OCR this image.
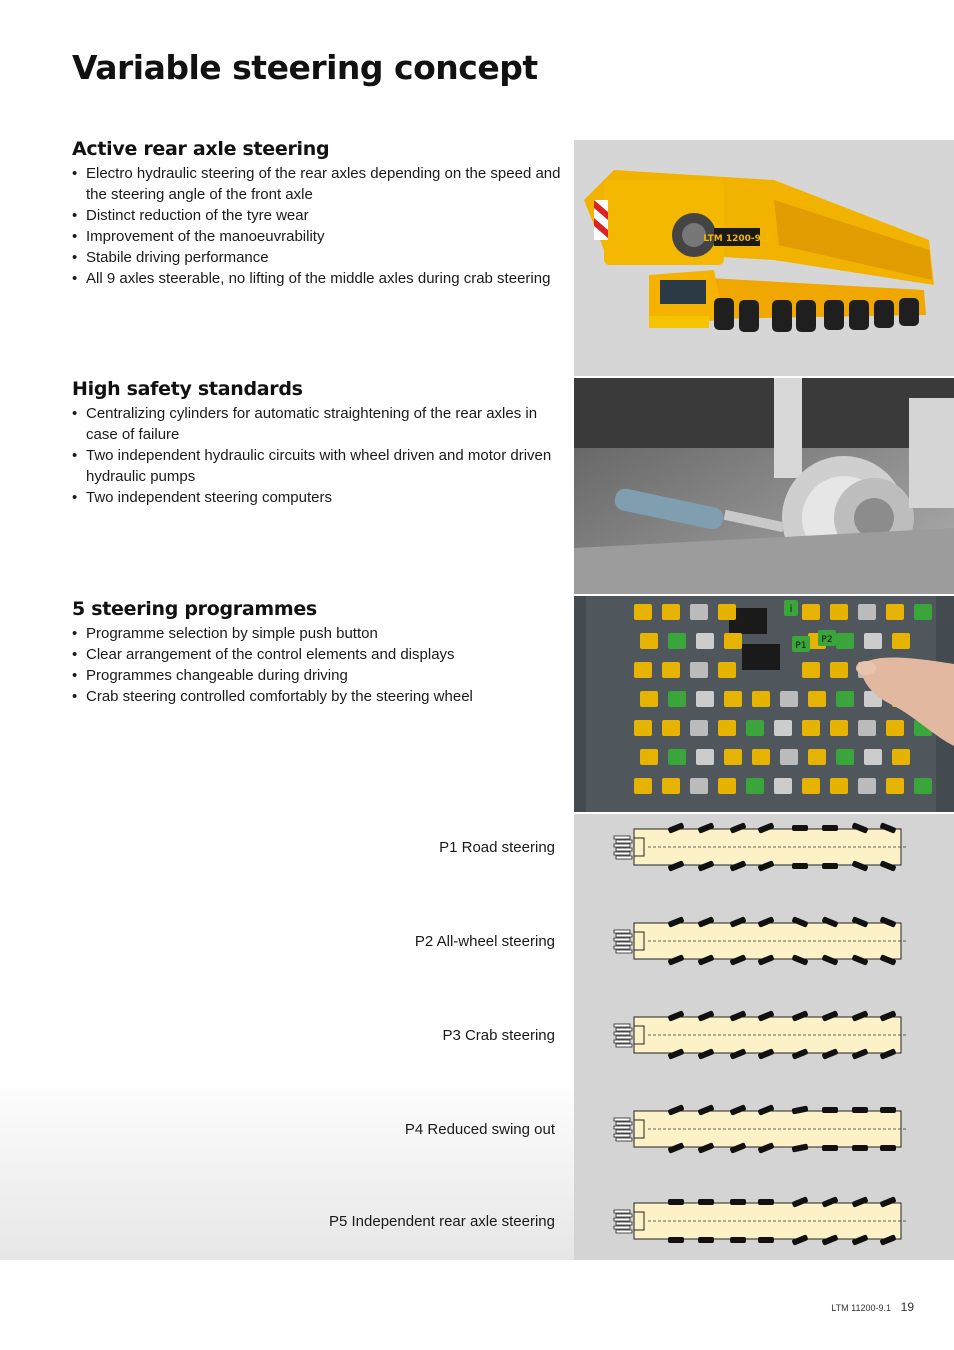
Variable steering concept
Active rear axle steering
• Electro hydraulic steering of the rear axles depending on the speed and the steering angle of the front axle
• Distinct reduction of the tyre wear
• Improvement of the manoeuvrability
• Stabile driving performance
• All 9 axles steerable, no lifting of the middle axles during crab steering
High safety standards
• Centralizing cylinders for automatic straightening of the rear axles in case of failure
• Two independent hydraulic circuits with wheel driven and motor driven hydraulic pumps
• Two independent steering computers
5 steering programmes
• Programme selection by simple push button
• Clear arrangement of the control elements and displays
• Programmes changeable during driving
• Crab steering controlled comfortably by the steering wheel
LTM 1200-9.1
i
P1
P2
P1 Road steering
P2 All-wheel steering
P3 Crab steering
P4 Reduced swing out
P5 Independent rear axle steering
LTM 11200-9.1 19
